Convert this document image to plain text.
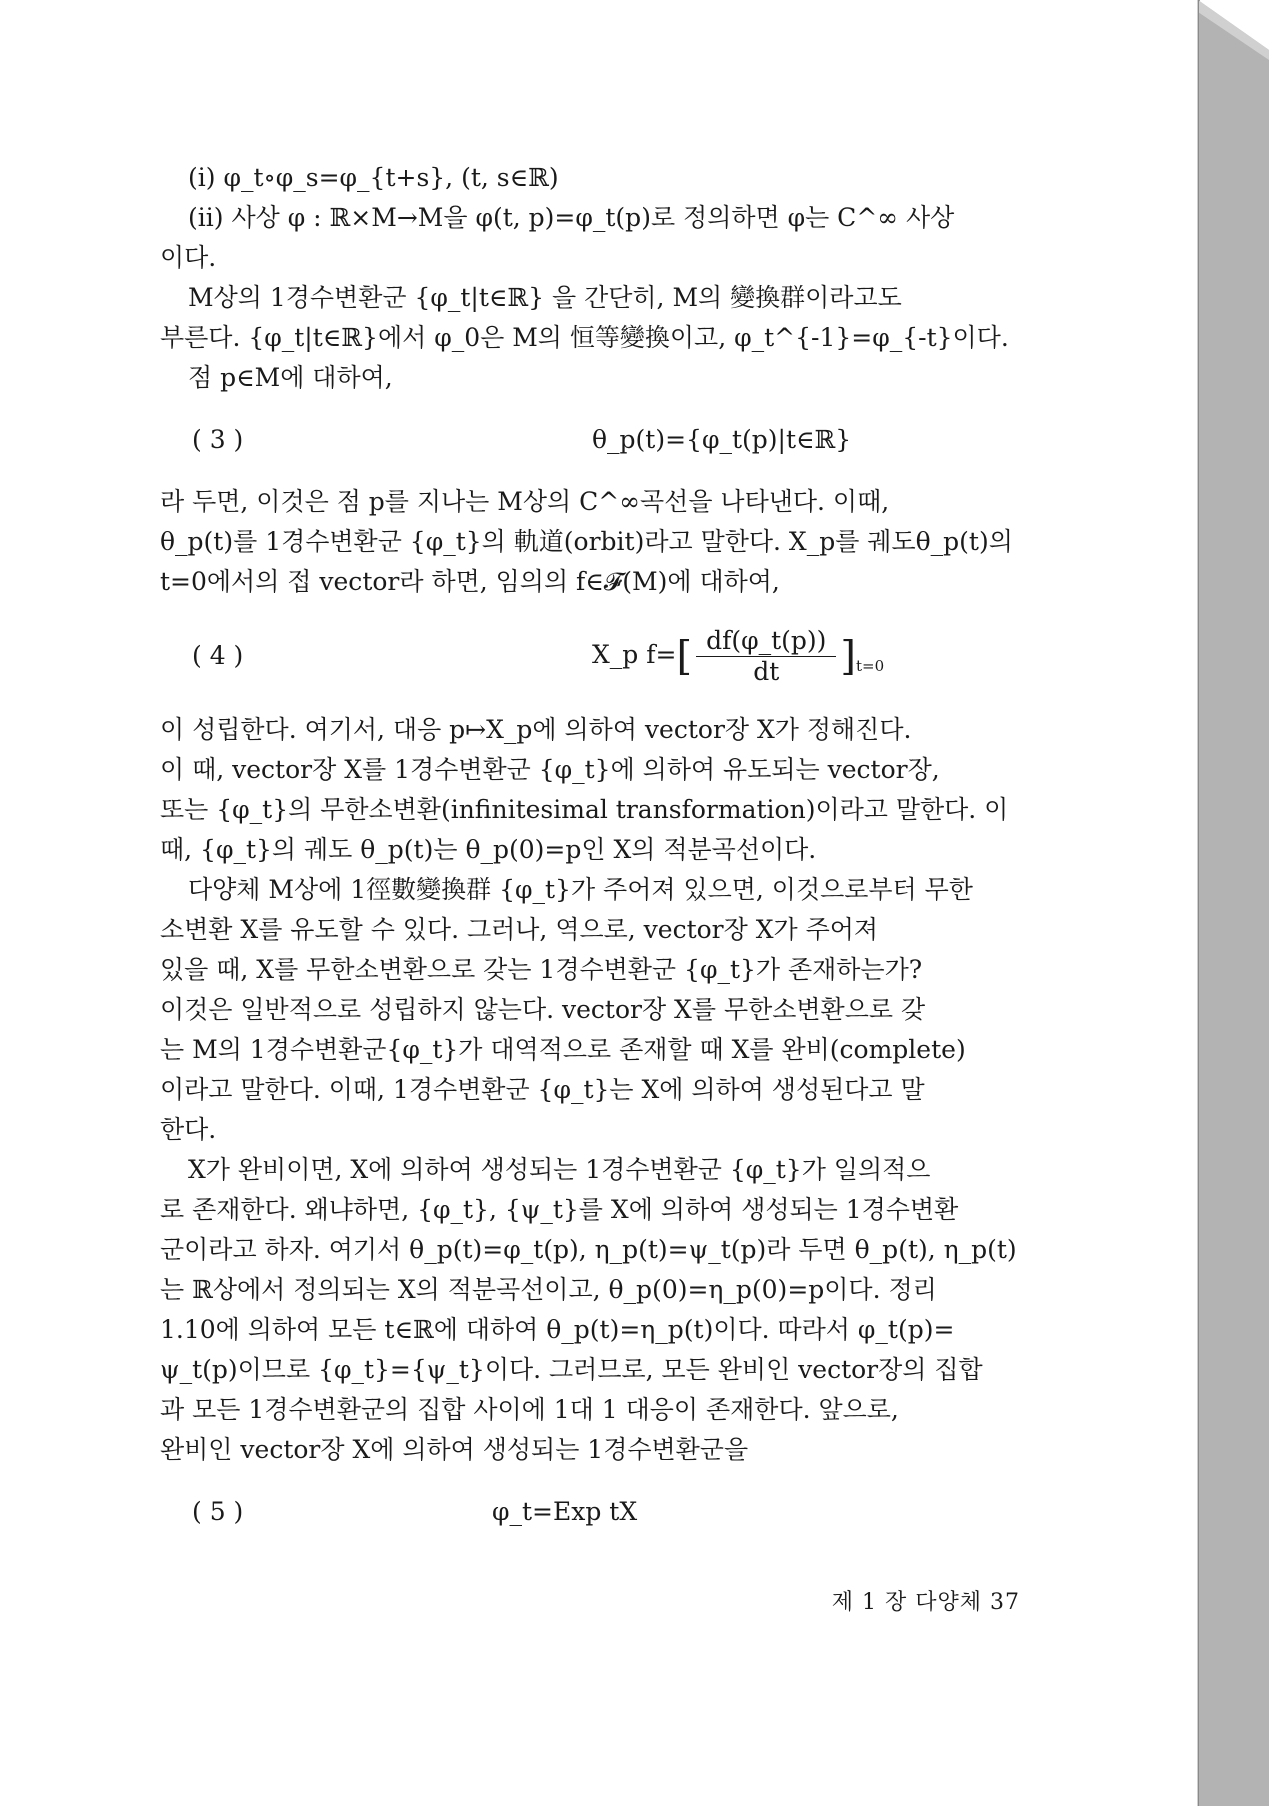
(i) φ_t∘φ_s=φ_{t+s}, (t, s∈ℝ)
(ii) 사상 φ : ℝ×M→M을 φ(t, p)=φ_t(p)로 정의하면 φ는 C^∞ 사상
이다.
M상의 1경수변환군 {φ_t|t∈ℝ} 을 간단히, M의 變換群이라고도
부른다. {φ_t|t∈ℝ}에서 φ_0은 M의 恒等變換이고, φ_t^{-1}=φ_{-t}이다.
점 p∈M에 대하여,
( 3 )	θ_p(t)={φ_t(p)|t∈ℝ}
라 두면, 이것은 점 p를 지나는 M상의 C^∞곡선을 나타낸다. 이때,
θ_p(t)를 1경수변환군 {φ_t}의 軌道(orbit)라고 말한다. X_p를 궤도θ_p(t)의
t=0에서의 접 vector라 하면, 임의의 f∈𝓕(M)에 대하여,
( 4 )	X_p $f=[ \frac{df(\varphi\_t(p))}{dt} ]_{t=0}$
이 성립한다. 여기서, 대응 p↦X_p에 의하여 vector장 X가 정해진다.
이 때, vector장 X를 1경수변환군 {φ_t}에 의하여 유도되는 vector장,
또는 {φ_t}의 무한소변환(infinitesimal transformation)이라고 말한다. 이
때, {φ_t}의 궤도 θ_p(t)는 θ_p(0)=p인 X의 적분곡선이다.
다양체 M상에 1徑數變換群 {φ_t}가 주어져 있으면, 이것으로부터 무한
소변환 X를 유도할 수 있다. 그러나, 역으로, vector장 X가 주어져
있을 때, X를 무한소변환으로 갖는 1경수변환군 {φ_t}가 존재하는가?
이것은 일반적으로 성립하지 않는다. vector장 X를 무한소변환으로 갖
는 M의 1경수변환군{φ_t}가 대역적으로 존재할 때 X를 완비(complete)
이라고 말한다. 이때, 1경수변환군 {φ_t}는 X에 의하여 생성된다고 말
한다.
X가 완비이면, X에 의하여 생성되는 1경수변환군 {φ_t}가 일의적으
로 존재한다. 왜냐하면, {φ_t}, {ψ_t}를 X에 의하여 생성되는 1경수변환
군이라고 하자. 여기서 θ_p(t)=φ_t(p), η_p(t)=ψ_t(p)라 두면 θ_p(t), η_p(t)
는 ℝ상에서 정의되는 X의 적분곡선이고, θ_p(0)=η_p(0)=p이다. 정리
1.10에 의하여 모든 t∈ℝ에 대하여 θ_p(t)=η_p(t)이다. 따라서 φ_t(p)=
ψ_t(p)이므로 {φ_t}={ψ_t}이다. 그러므로, 모든 완비인 vector장의 집합
과 모든 1경수변환군의 집합 사이에 1대 1 대응이 존재한다. 앞으로,
완비인 vector장 X에 의하여 생성되는 1경수변환군을
( 5 )	φ_t=Exp tX
제 1 장 다양체 37
